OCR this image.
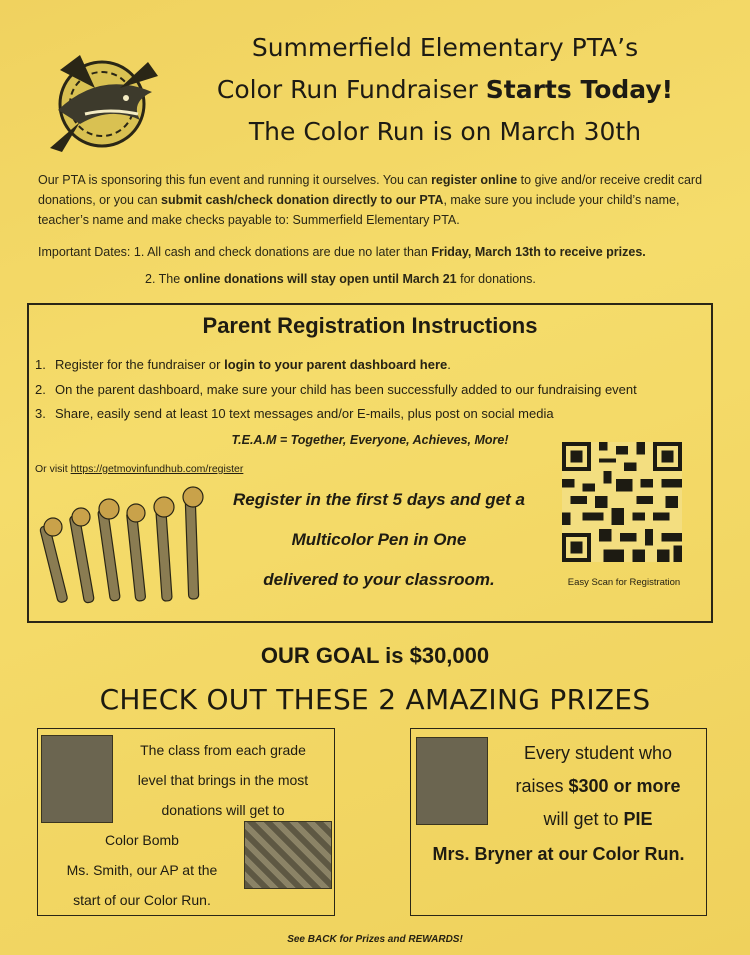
Summerfield Elementary PTA’s
Color Run Fundraiser Starts Today!
The Color Run is on March 30th
Our PTA is sponsoring this fun event and running it ourselves. You can register online to give and/or receive credit card donations, or you can submit cash/check donation directly to our PTA, make sure you include your child’s name, teacher’s name and make checks payable to: Summerfield Elementary PTA.
Important Dates: 1. All cash and check donations are due no later than Friday, March 13th to receive prizes.
2. The online donations will stay open until March 21 for donations.
Parent Registration Instructions
1. Register for the fundraiser or login to your parent dashboard here.
2. On the parent dashboard, make sure your child has been successfully added to our fundraising event
3. Share, easily send at least 10 text messages and/or E-mails, plus post on social media
T.E.A.M = Together, Everyone, Achieves, More!
Or visit https://getmovinfundhub.com/register
Register in the first 5 days and get a
Multicolor Pen in One
delivered to your classroom.	Easy Scan for Registration
OUR GOAL is $30,000
CHECK OUT THESE 2 AMAZING PRIZES
The class from each grade
level that brings in the most
donations will get to
Color Bomb
Ms. Smith, our AP at the
start of our Color Run.
Every student who
raises $300 or more
will get to PIE
Mrs. Bryner at our Color Run.
See BACK for Prizes and REWARDS!
